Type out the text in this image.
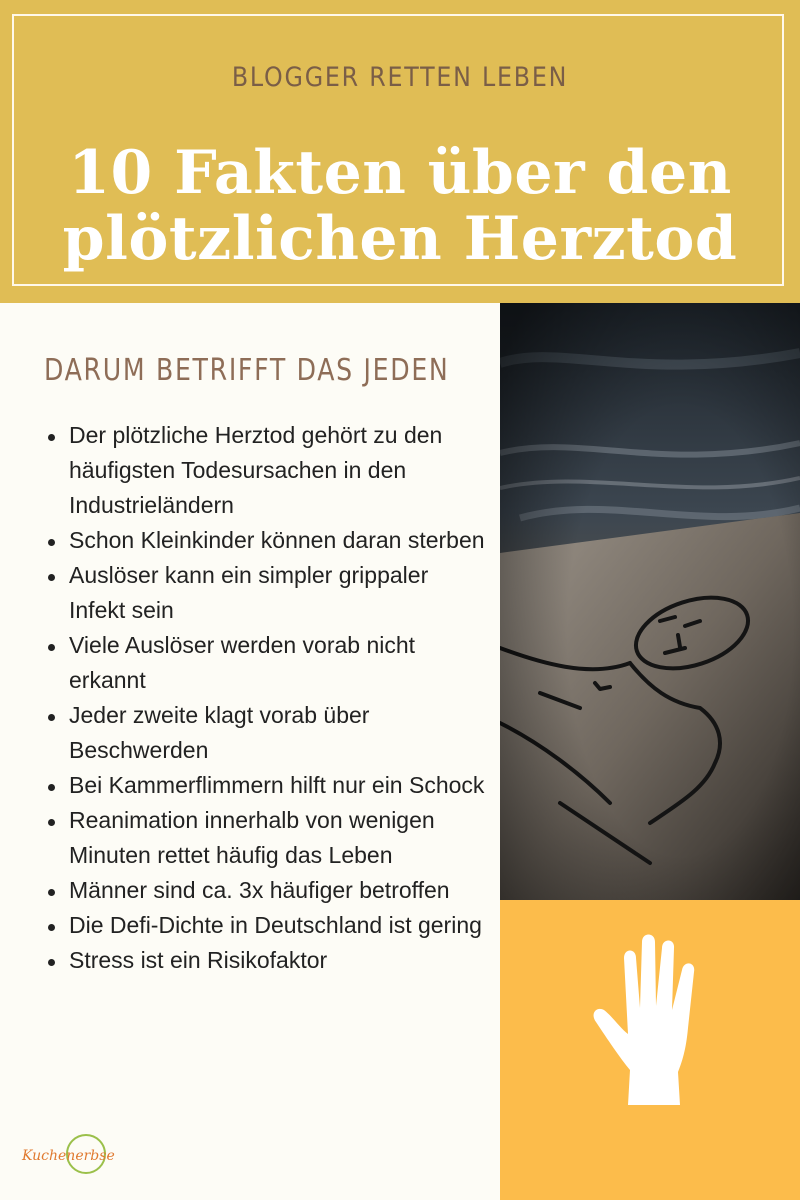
BLOGGER RETTEN LEBEN
10 Fakten über den
plötzlichen Herztod
DARUM BETRIFFT DAS JEDEN
Der plötzliche Herztod gehört zu den häufigsten Todesursachen in den Industrieländern
Schon Kleinkinder können daran sterben
Auslöser kann ein simpler grippaler Infekt sein
Viele Auslöser werden vorab nicht erkannt
Jeder zweite klagt vorab über Beschwerden
Bei Kammerflimmern hilft nur ein Schock
Reanimation innerhalb von wenigen Minuten rettet häufig das Leben
Männer sind ca. 3x häufiger betroffen
Die Defi-Dichte in Deutschland ist gering
Stress ist ein Risikofaktor
Kuchenerbse
